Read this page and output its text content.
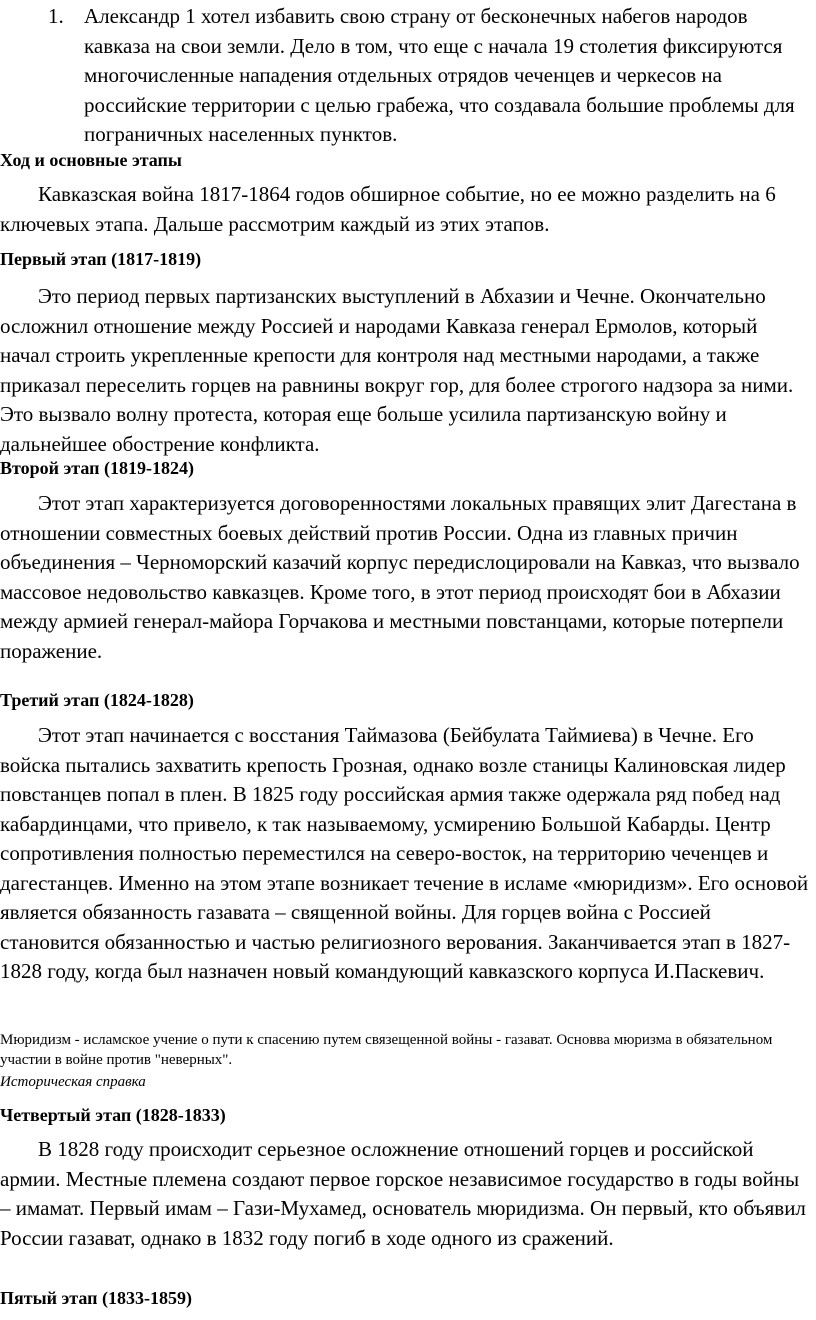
1. Александр 1 хотел избавить свою страну от бесконечных набегов народов кавказа на свои земли. Дело в том, что еще с начала 19 столетия фиксируются многочисленные нападения отдельных отрядов чеченцев и черкесов на российские территории с целью грабежа, что создавала большие проблемы для пограничных населенных пунктов.
Ход и основные этапы

Кавказская война 1817-1864 годов обширное событие, но ее можно разделить на 6 ключевых этапа. Дальше рассмотрим каждый из этих этапов.

Первый этап (1817-1819)

Это период первых партизанских выступлений в Абхазии и Чечне. Окончательно осложнил отношение между Россией и народами Кавказа генерал Ермолов, который начал строить укрепленные крепости для контроля над местными народами, а также приказал переселить горцев на равнины вокруг гор, для более строгого надзора за ними. Это вызвало волну протеста, которая еще больше усилила партизанскую войну и дальнейшее обострение конфликта.

Второй этап (1819-1824)

Этот этап характеризуется договоренностями локальных правящих элит Дагестана в отношении совместных боевых действий против России. Одна из главных причин объединения – Черноморский казачий корпус передислоцировали на Кавказ, что вызвало массовое недовольство кавказцев. Кроме того, в этот период происходят бои в Абхазии между армией генерал-майора Горчакова и местными повстанцами, которые потерпели поражение.

Третий этап (1824-1828)

Этот этап начинается с восстания Таймазова (Бейбулата Таймиева) в Чечне. Его войска пытались захватить крепость Грозная, однако возле станицы Калиновская лидер повстанцев попал в плен. В 1825 году российская армия также одержала ряд побед над кабардинцами, что привело, к так называемому, усмирению Большой Кабарды. Центр сопротивления полностью переместился на северо-восток, на территорию чеченцев и дагестанцев. Именно на этом этапе возникает течение в исламе «мюридизм». Его основой является обязанность газавата – священной войны. Для горцев война с Россией становится обязанностью и частью религиозного верования. Заканчивается этап в 1827-1828 году, когда был назначен новый командующий кавказского корпуса И.Паскевич.

Мюридизм - исламское учение о пути к спасению путем связещенной войны - газават. Основва мюризма в обязательном участии в войне против "неверных".

Историческая справка

Четвертый этап (1828-1833)

В 1828 году происходит серьезное осложнение отношений горцев и российской армии. Местные племена создают первое горское независимое государство в годы войны – имамат. Первый имам – Гази-Мухамед, основатель мюридизма. Он первый, кто объявил России газават, однако в 1832 году погиб в ходе одного из сражений.

Пятый этап (1833-1859)
